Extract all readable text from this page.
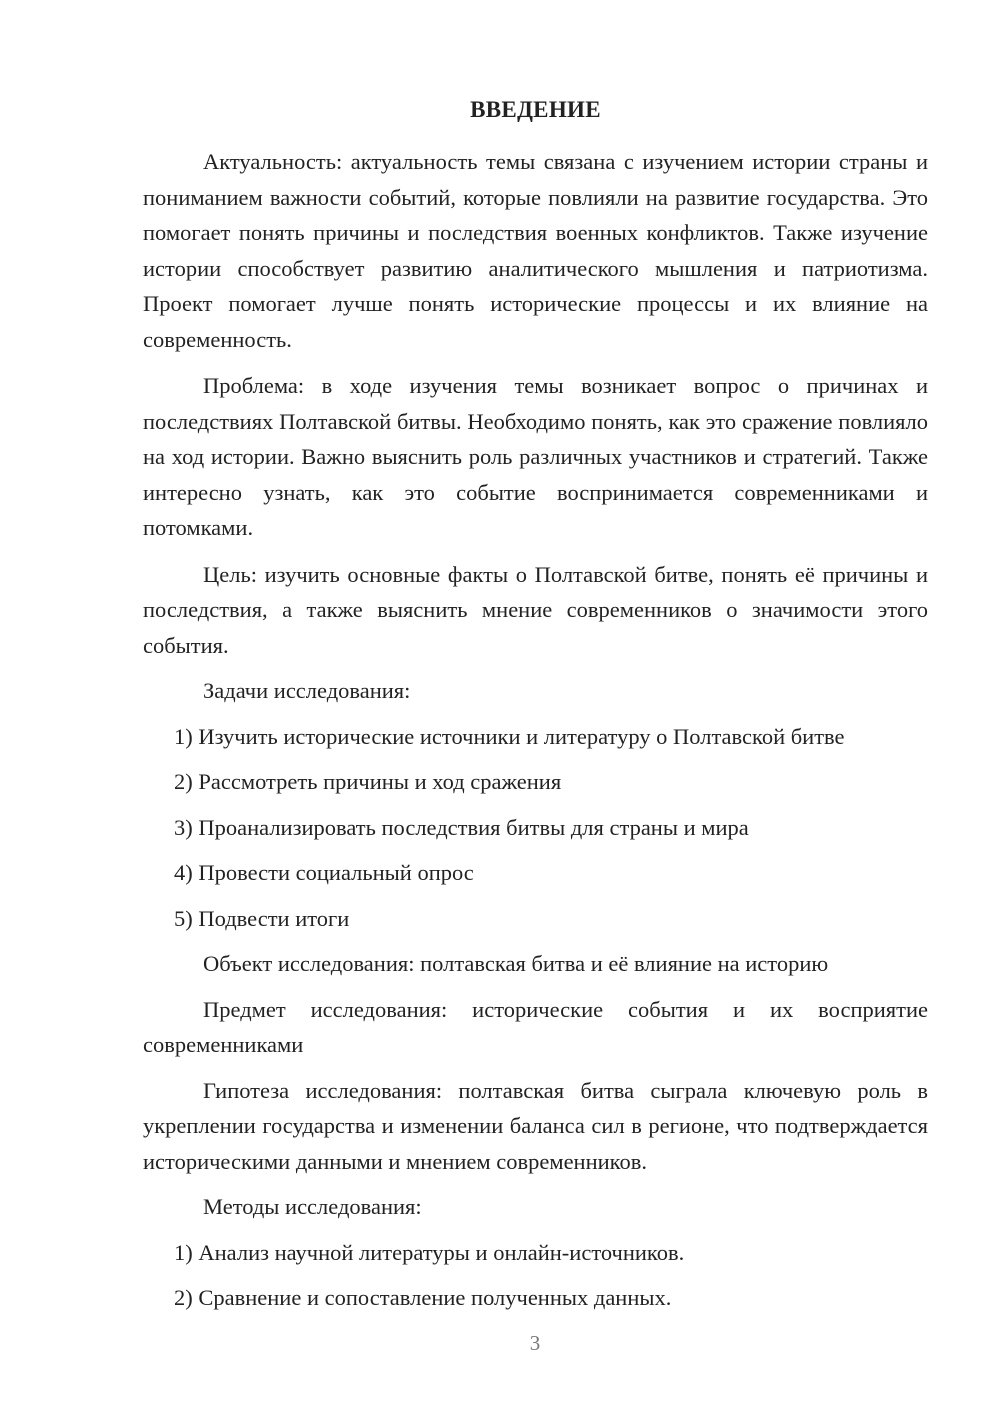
ВВЕДЕНИЕ

Актуальность: актуальность темы связана с изучением истории страны и пониманием важности событий, которые повлияли на развитие государства. Это помогает понять причины и последствия военных конфликтов. Также изучение истории способствует развитию аналитического мышления и патриотизма. Проект помогает лучше понять исторические процессы и их влияние на современность.

Проблема: в ходе изучения темы возникает вопрос о причинах и последствиях Полтавской битвы. Необходимо понять, как это сражение повлияло на ход истории. Важно выяснить роль различных участников и стратегий. Также интересно узнать, как это событие воспринимается современниками и потомками.

Цель: изучить основные факты о Полтавской битве, понять её причины и последствия, а также выяснить мнение современников о значимости этого события.

Задачи исследования:

1) Изучить исторические источники и литературу о Полтавской битве

2) Рассмотреть причины и ход сражения

3) Проанализировать последствия битвы для страны и мира

4) Провести социальный опрос

5) Подвести итоги

Объект исследования: полтавская битва и её влияние на историю

Предмет исследования: исторические события и их восприятие современниками

Гипотеза исследования: полтавская битва сыграла ключевую роль в укреплении государства и изменении баланса сил в регионе, что подтверждается историческими данными и мнением современников.

Методы исследования:

1) Анализ научной литературы и онлайн-источников.

2) Сравнение и сопоставление полученных данных.

3
